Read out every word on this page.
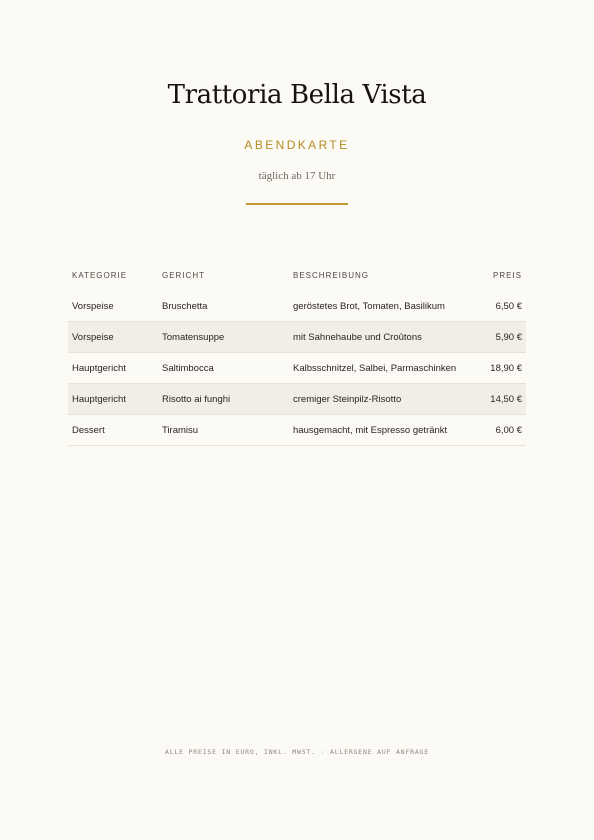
Trattoria Bella Vista
ABENDKARTE
täglich ab 17 Uhr
KATEGORIE	GERICHT	BESCHREIBUNG	PREIS
Vorspeise	Bruschetta	geröstetes Brot, Tomaten, Basilikum	6,50 €
Vorspeise	Tomatensuppe	mit Sahnehaube und Croûtons	5,90 €
Hauptgericht	Saltimbocca	Kalbsschnitzel, Salbei, Parmaschinken	18,90 €
Hauptgericht	Risotto ai funghi	cremiger Steinpilz-Risotto	14,50 €
Dessert	Tiramisu	hausgemacht, mit Espresso getränkt	6,00 €
ALLE PREISE IN EURO, INKL. MWST. · ALLERGENE AUF ANFRAGE
